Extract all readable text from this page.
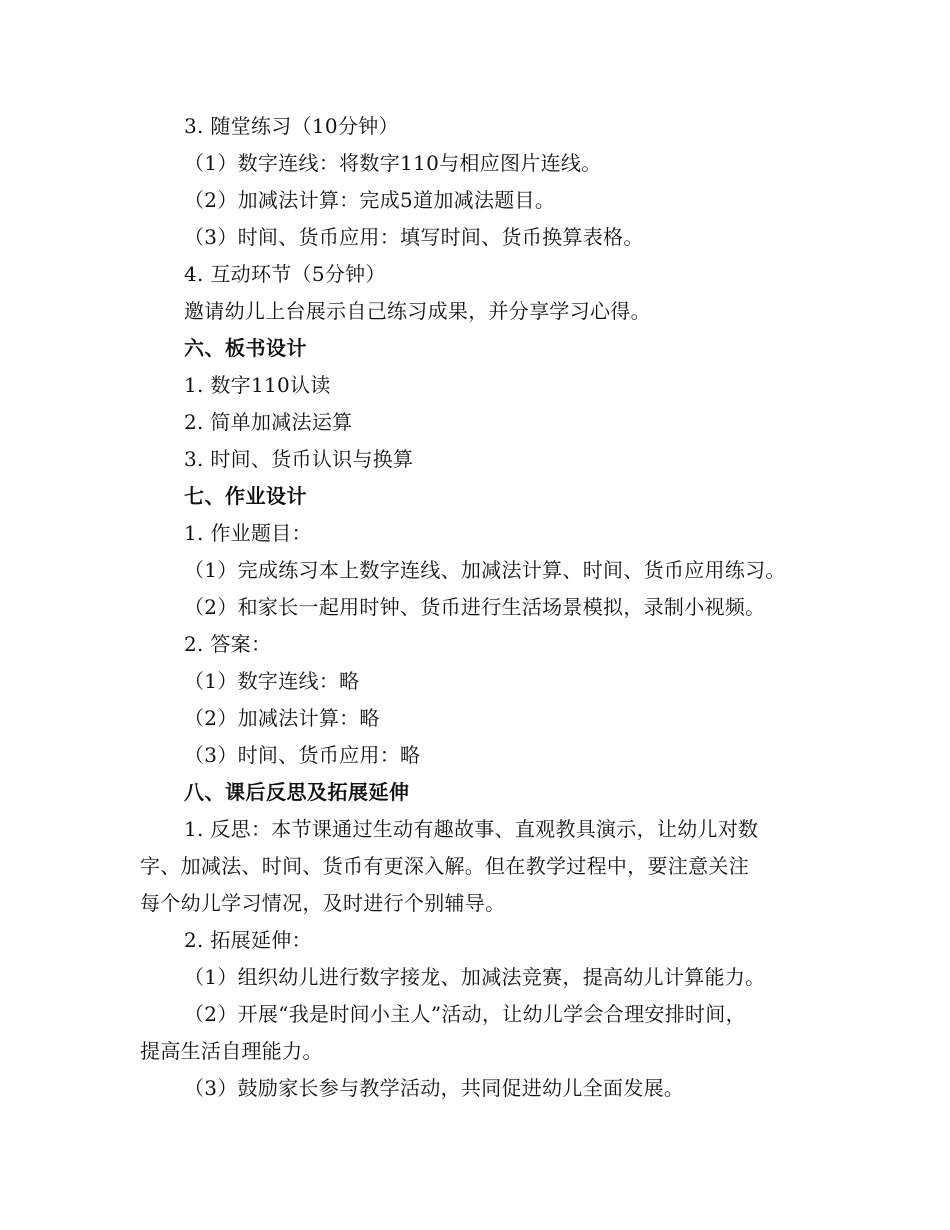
3. 随堂练习（10分钟）
（1）数字连线：将数字110与相应图片连线。
（2）加减法计算：完成5道加减法题目。
（3）时间、货币应用：填写时间、货币换算表格。
4. 互动环节（5分钟）
邀请幼儿上台展示自己练习成果，并分享学习心得。
六、板书设计
1. 数字110认读
2. 简单加减法运算
3. 时间、货币认识与换算
七、作业设计
1. 作业题目：
（1）完成练习本上数字连线、加减法计算、时间、货币应用练习。
（2）和家长一起用时钟、货币进行生活场景模拟，录制小视频。
2. 答案：
（1）数字连线：略
（2）加减法计算：略
（3）时间、货币应用：略
八、课后反思及拓展延伸
1. 反思：本节课通过生动有趣故事、直观教具演示，让幼儿对数
字、加减法、时间、货币有更深入解。但在教学过程中，要注意关注
每个幼儿学习情况，及时进行个别辅导。
2. 拓展延伸：
（1）组织幼儿进行数字接龙、加减法竞赛，提高幼儿计算能力。
（2）开展“我是时间小主人”活动，让幼儿学会合理安排时间，
提高生活自理能力。
（3）鼓励家长参与教学活动，共同促进幼儿全面发展。
